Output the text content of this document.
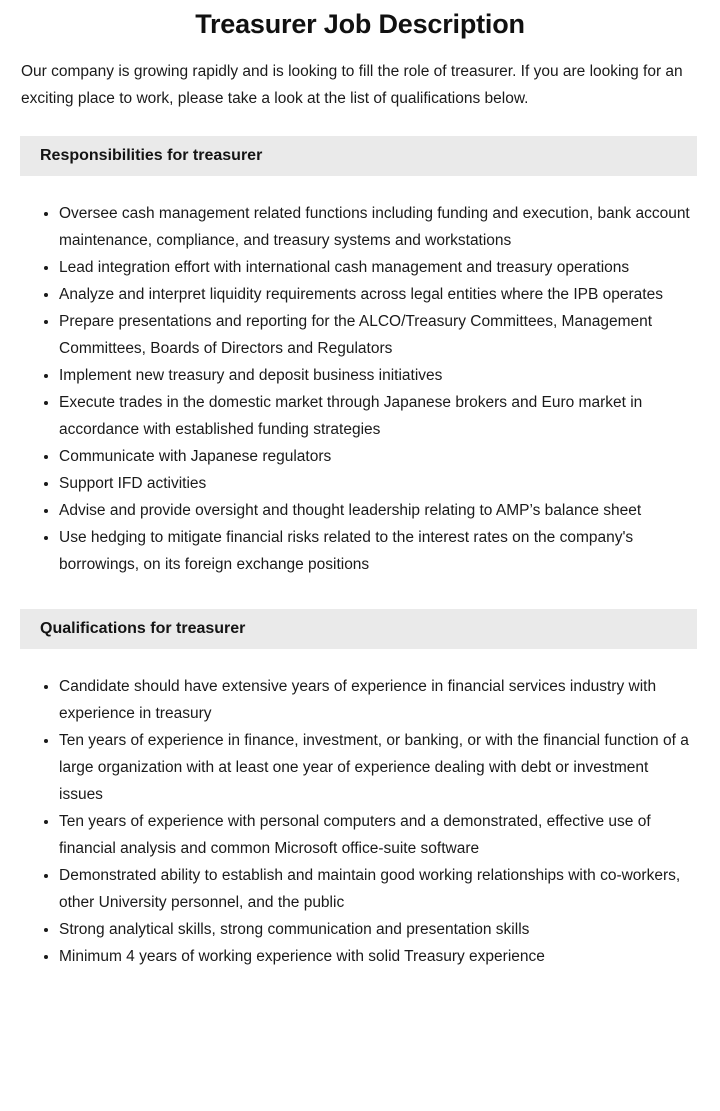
Treasurer Job Description

Our company is growing rapidly and is looking to fill the role of treasurer. If you are looking for an exciting place to work, please take a look at the list of qualifications below.

Responsibilities for treasurer
Oversee cash management related functions including funding and execution, bank account maintenance, compliance, and treasury systems and workstations
Lead integration effort with international cash management and treasury operations
Analyze and interpret liquidity requirements across legal entities where the IPB operates
Prepare presentations and reporting for the ALCO/Treasury Committees, Management Committees, Boards of Directors and Regulators
Implement new treasury and deposit business initiatives
Execute trades in the domestic market through Japanese brokers and Euro market in accordance with established funding strategies
Communicate with Japanese regulators
Support IFD activities
Advise and provide oversight and thought leadership relating to AMP’s balance sheet
Use hedging to mitigate financial risks related to the interest rates on the company's borrowings, on its foreign exchange positions
Qualifications for treasurer
Candidate should have extensive years of experience in financial services industry with experience in treasury
Ten years of experience in finance, investment, or banking, or with the financial function of a large organization with at least one year of experience dealing with debt or investment issues
Ten years of experience with personal computers and a demonstrated, effective use of financial analysis and common Microsoft office-suite software
Demonstrated ability to establish and maintain good working relationships with co-workers, other University personnel, and the public
Strong analytical skills, strong communication and presentation skills
Minimum 4 years of working experience with solid Treasury experience
